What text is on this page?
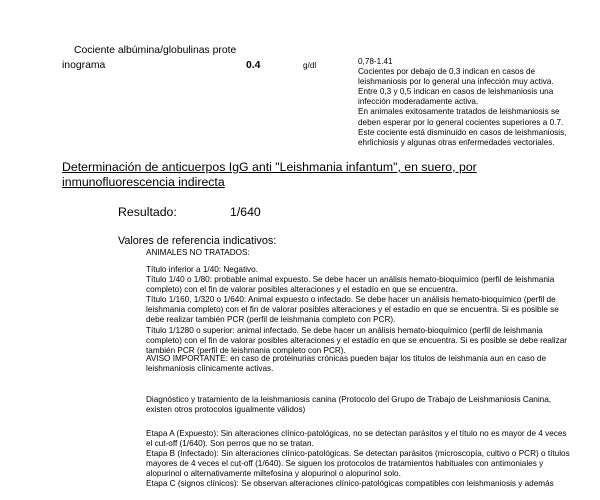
Cociente albúmina/globulinas prote
inograma	0.4	g/dl	0,78-1.41
Cocientes por debajo de 0,3 indican en casos de
leishmaniosis por lo general una infección muy activa.
Entre 0,3 y 0,5 indican en casos de leishmaniosis una
infección moderadamente activa.
En animales exitosamente tratados de leishmaniosis se
deben esperar por lo general cocientes superiores a 0.7.
Este cociente está disminuido en casos de leishmaniosis,
ehrlichiosis y algunas otras enfermedades vectoriales.
Determinación de anticuerpos IgG anti "Leishmania infantum", en suero, por inmunofluorescencia indirecta
Resultado:	1/640
Valores de referencia indicativos:
ANIMALES NO TRATADOS:
Título inferior a 1/40: Negativo.
Título 1/40 o 1/80: probable animal expuesto. Se debe hacer un análisis hemato-bioquímico (perfil de leishmania
completo) con el fin de valorar posibles alteraciones y el estadío en que se encuentra.
Título 1/160, 1/320 o 1/640: Animal expuesto o infectado. Se debe hacer un análisis hemato-bioquímico (perfil de
leishmania completo) con el fin de valorar posibles alteraciones y el estadío en que se encuentra. Si es posible se
debe realizar también PCR (perfil de leishmania completo con PCR).
Título 1/1280 o superior: animal infectado. Se debe hacer un análisis hemato-bioquímico (perfil de leishmania
completo) con el fin de valorar posibles alteraciones y el estadío en que se encuentra. Si es posible se debe realizar
también PCR (perfil de leishmania completo con PCR).
AVISO IMPORTANTE: en caso de proteinurias crónicas pueden bajar los títulos de leishmania aun en caso de
leishmaniosis clínicamente activas.
Diagnóstico y tratamiento de la leishmaniosis canina (Protocolo del Grupo de Trabajo de Leishmaniosis Canina,
existen otros protocolos igualmente válidos)
Etapa A (Expuesto): Sin alteraciones clínico-patológicas, no se detectan parásitos y el título no es mayor de 4 veces
el cut-off (1/640). Son perros que no se tratan.
Etapa B (Infectado): Sin alteraciones clínico-patológicas. Se detectan parásitos (microscopía, cultivo o PCR) o títulos
mayores de 4 veces el cut-off (1/640). Se siguen los protocolos de tratamientos habituales con antimoniales y
alopurinol o alternativamente miltefosina y alopurinol o alopurinol solo.
Etapa C (signos clínicos): Se observan alteraciones clínico-patológicas compatibles con leishmaniosis y además
